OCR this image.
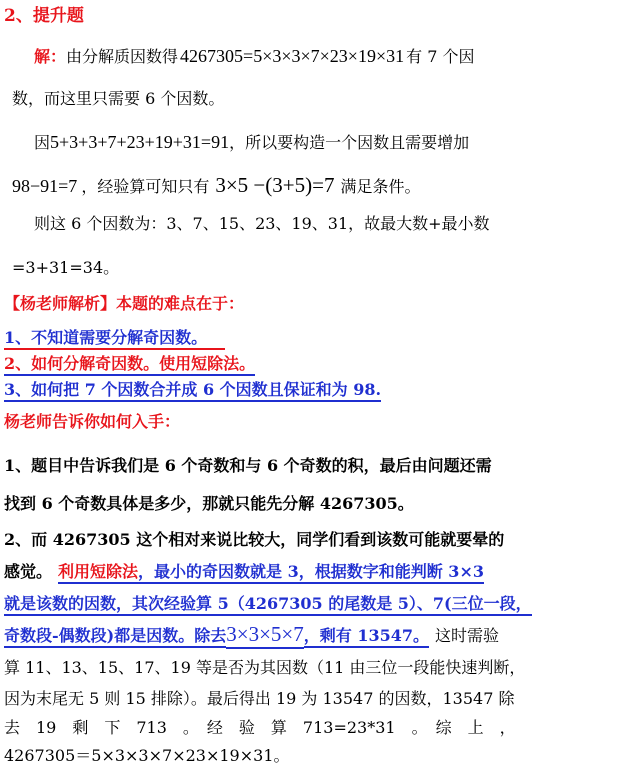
2、提升题
解：由分解质因数得 4267305=5×3×3×7×23×19×31 有 7 个因
数，而这里只需要 6 个因数。
因5+3+3+7+23+19+31=91，所以要构造一个因数且需要增加
98−91=7 ，经验算可知只有 3×5 −(3+5)=7 满足条件。
则这 6 个因数为：3、7、15、23、19、31，故最大数+最小数
=3+31=34。
【杨老师解析】本题的难点在于：
1、不知道需要分解奇因数。
2、如何分解奇因数。使用短除法。
3、如何把 7 个因数合并成 6 个因数且保证和为 98.
杨老师告诉你如何入手：
1、题目中告诉我们是 6 个奇数和与 6 个奇数的积，最后由问题还需
找到 6 个奇数具体是多少，那就只能先分解 4267305。
2、而 4267305 这个相对来说比较大，同学们看到该数可能就要晕的
感觉。 利用短除法，最小的奇因数就是 3，根据数字和能判断 3×3
就是该数的因数，其次经验算 5（4267305 的尾数是 5）、7(三位一段，
奇数段-偶数段)都是因数。除去3×3×5×7，剩有 13547。 这时需验
算 11、13、15、17、19 等是否为其因数（11 由三位一段能快速判断，
因为末尾无 5 则 15 排除）。最后得出 19 为 13547 的因数，13547 除
去　19　剩　下　713　。　经　验　算　713=23*31　。　综　上　，
4267305＝5×3×3×7×23×19×31。
